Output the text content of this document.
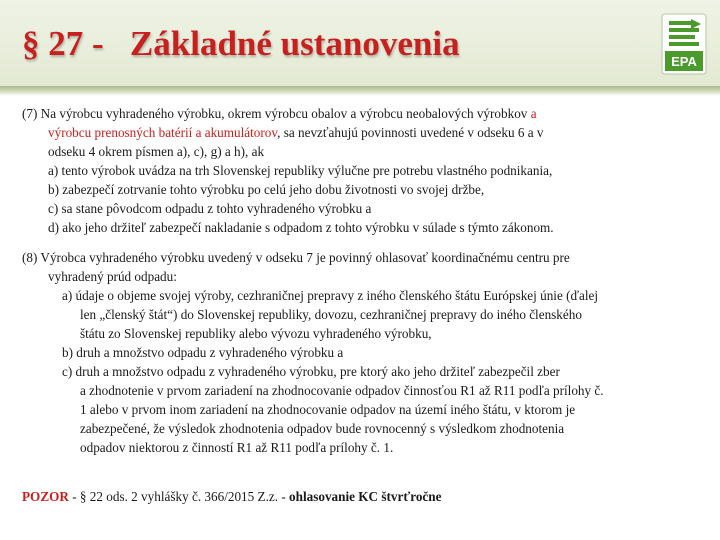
§ 27 -   Základné ustanovenia	EPA
(7) Na výrobcu vyhradeného výrobku, okrem výrobcu obalov a výrobcu neobalových výrobkov a
výrobcu prenosných batérií a akumulátorov, sa nevzťahujú povinnosti uvedené v odseku 6 a v
odseku 4 okrem písmen a), c), g) a h), ak
a) tento výrobok uvádza na trh Slovenskej republiky výlučne pre potrebu vlastného podnikania,
b) zabezpečí zotrvanie tohto výrobku po celú jeho dobu životnosti vo svojej držbe,
c) sa stane pôvodcom odpadu z tohto vyhradeného výrobku a
d) ako jeho držiteľ zabezpečí nakladanie s odpadom z tohto výrobku v súlade s týmto zákonom.
(8) Výrobca vyhradeného výrobku uvedený v odseku 7 je povinný ohlasovať koordinačnému centru pre
vyhradený prúd odpadu:
a) údaje o objeme svojej výroby, cezhraničnej prepravy z iného členského štátu Európskej únie (ďalej
len „členský štát“) do Slovenskej republiky, dovozu, cezhraničnej prepravy do iného členského
štátu zo Slovenskej republiky alebo vývozu vyhradeného výrobku,
b) druh a množstvo odpadu z vyhradeného výrobku a
c) druh a množstvo odpadu z vyhradeného výrobku, pre ktorý ako jeho držiteľ zabezpečil zber
a zhodnotenie v prvom zariadení na zhodnocovanie odpadov činnosťou R1 až R11 podľa prílohy č.
1 alebo v prvom inom zariadení na zhodnocovanie odpadov na území iného štátu, v ktorom je
zabezpečené, že výsledok zhodnotenia odpadov bude rovnocenný s výsledkom zhodnotenia
odpadov niektorou z činností R1 až R11 podľa prílohy č. 1.
POZOR - § 22 ods. 2 vyhlášky č. 366/2015 Z.z. - ohlasovanie KC štvrťročne
